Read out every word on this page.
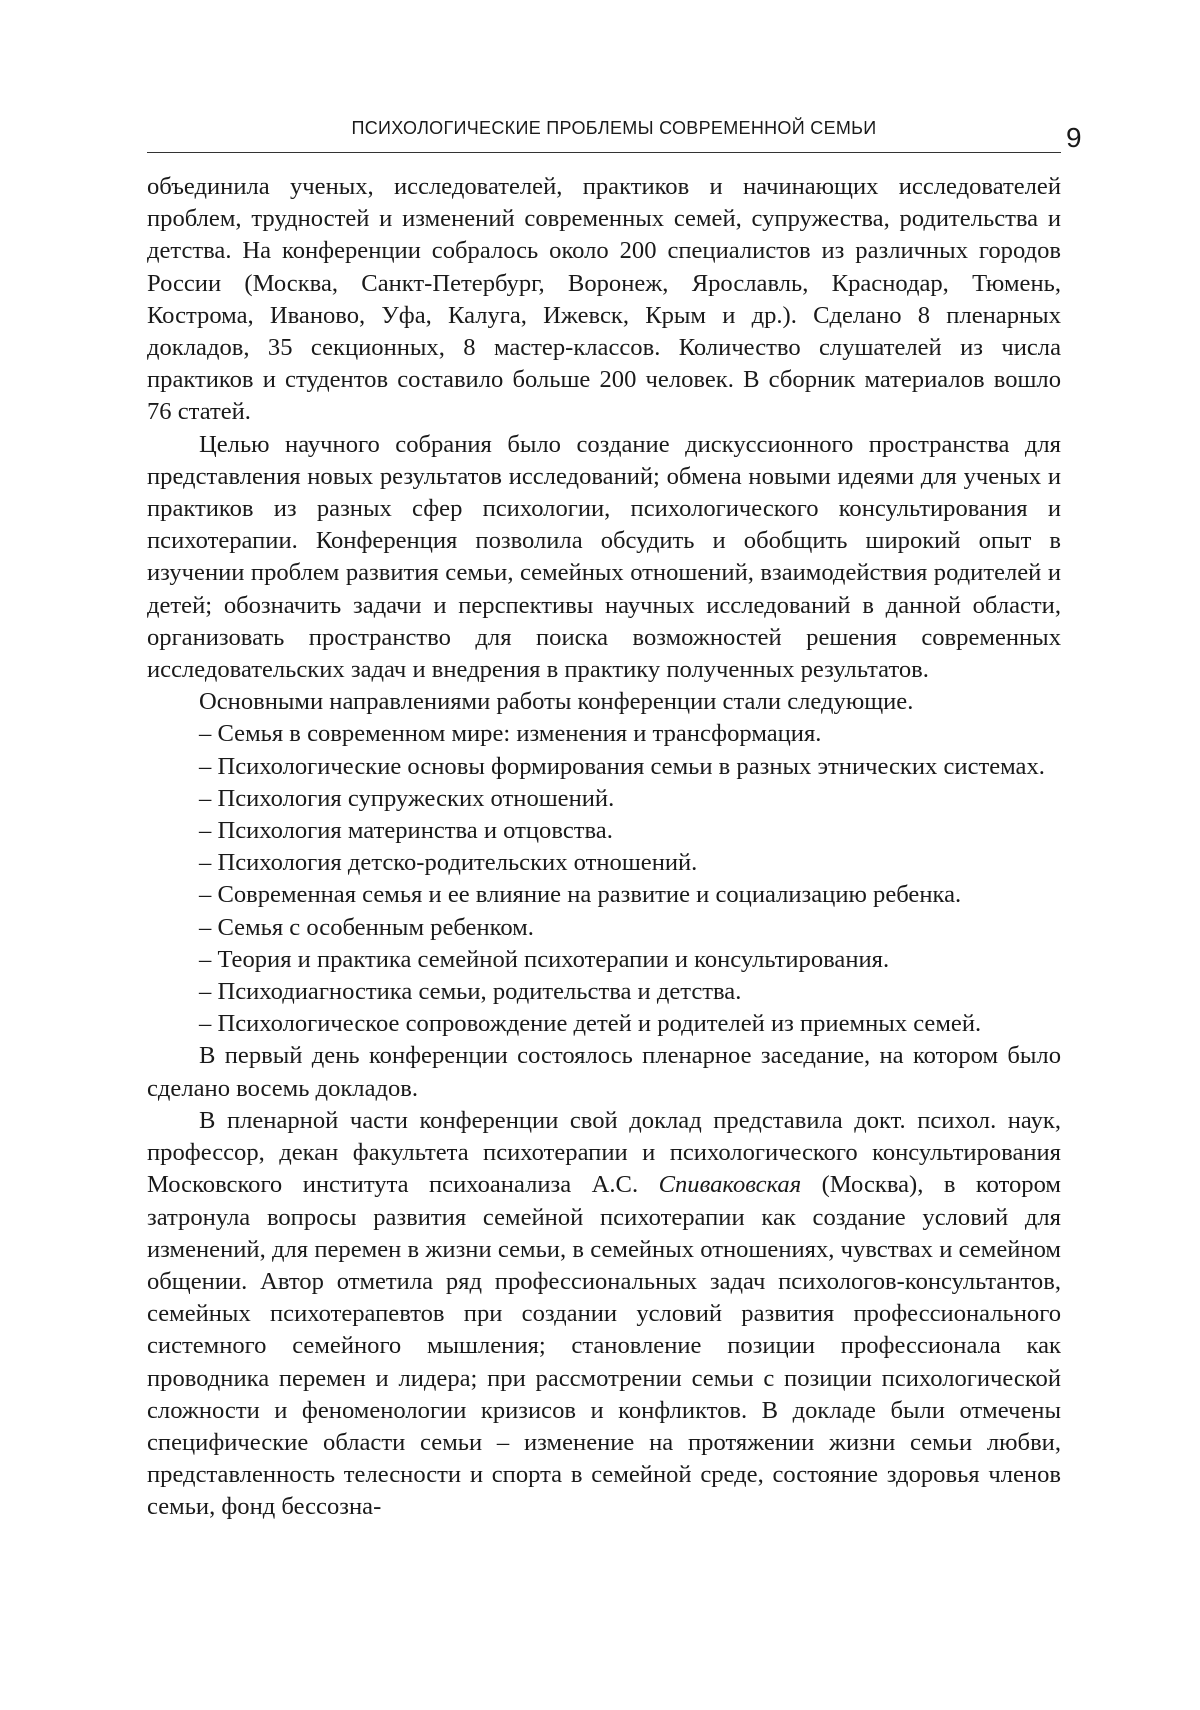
ПСИХОЛОГИЧЕСКИЕ ПРОБЛЕМЫ СОВРЕМЕННОЙ СЕМЬИ	9

объединила ученых, исследователей, практиков и начинающих исследователей проблем, трудностей и изменений современных семей, супружества, родительства и детства. На конференции собралось около 200 специалистов из различных городов России (Москва, Санкт-Петербург, Воронеж, Ярославль, Краснодар, Тюмень, Кострома, Иваново, Уфа, Калуга, Ижевск, Крым и др.). Сделано 8 пленарных докладов, 35 секционных, 8 мастер-классов. Количество слушателей из числа практиков и студентов составило больше 200 человек. В сборник материалов вошло 76 статей.

Целью научного собрания было создание дискуссионного пространства для представления новых результатов исследований; обмена новыми идеями для ученых и практиков из разных сфер психологии, психологического консультирования и психотерапии. Конференция позволила обсудить и обобщить широкий опыт в изучении проблем развития семьи, семейных отношений, взаимодействия родителей и детей; обозначить задачи и перспективы научных исследований в данной области, организовать пространство для поиска возможностей решения современных исследовательских задач и внедрения в практику полученных результатов.

Основными направлениями работы конференции стали следующие.

– Семья в современном мире: изменения и трансформация.

– Психологические основы формирования семьи в разных этнических системах.

– Психология супружеских отношений.

– Психология материнства и отцовства.

– Психология детско-родительских отношений.

– Современная семья и ее влияние на развитие и социализацию ребенка.

– Семья с особенным ребенком.

– Теория и практика семейной психотерапии и консультирования.

– Психодиагностика семьи, родительства и детства.

– Психологическое сопровождение детей и родителей из приемных семей.

В первый день конференции состоялось пленарное заседание, на котором было сделано восемь докладов.

В пленарной части конференции свой доклад представила докт. психол. наук, профессор, декан факультета психотерапии и психологического консультирования Московского института психоанализа А.С. Спиваковская (Москва), в котором затронула вопросы развития семейной психотерапии как создание условий для изменений, для перемен в жизни семьи, в семейных отношениях, чувствах и семейном общении. Автор отметила ряд профессиональных задач психологов-консультантов, семейных психотерапевтов при создании условий развития профессионального системного семейного мышления; становление позиции профессионала как проводника перемен и лидера; при рассмотрении семьи с позиции психологической сложности и феноменологии кризисов и конфликтов. В докладе были отмечены специфические области семьи – изменение на протяжении жизни семьи любви, представленность телесности и спорта в семейной среде, состояние здоровья членов семьи, фонд бессозна-
